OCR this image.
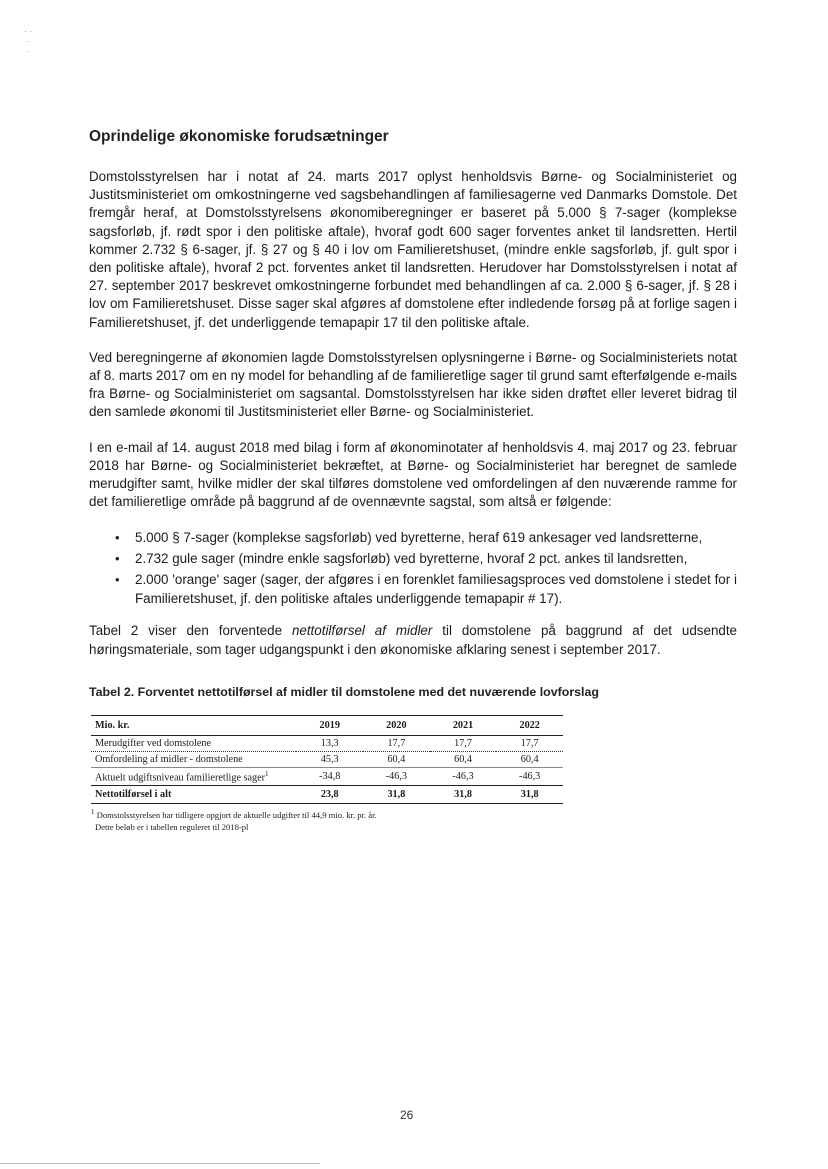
· ·
·
·
Oprindelige økonomiske forudsætninger

Domstolsstyrelsen har i notat af 24. marts 2017 oplyst henholdsvis Børne- og Socialministeriet og Justitsministeriet om omkostningerne ved sagsbehandlingen af familiesagerne ved Danmarks Domstole. Det fremgår heraf, at Domstolsstyrelsens økonomiberegninger er baseret på 5.000 § 7-sager (komplekse sagsforløb, jf. rødt spor i den politiske aftale), hvoraf godt 600 sager forventes anket til landsretten. Hertil kommer 2.732 § 6-sager, jf. § 27 og § 40 i lov om Familieretshuset, (mindre enkle sagsforløb, jf. gult spor i den politiske aftale), hvoraf 2 pct. forventes anket til landsretten. Herudover har Domstolsstyrelsen i notat af 27. september 2017 beskrevet omkostningerne forbundet med behandlingen af ca. 2.000 § 6-sager, jf. § 28 i lov om Familieretshuset. Disse sager skal afgøres af domstolene efter indledende forsøg på at forlige sagen i Familieretshuset, jf. det underliggende temapapir 17 til den politiske aftale.

Ved beregningerne af økonomien lagde Domstolsstyrelsen oplysningerne i Børne- og Socialministeriets notat af 8. marts 2017 om en ny model for behandling af de familieretlige sager til grund samt efterfølgende e-mails fra Børne- og Socialministeriet om sagsantal. Domstolsstyrelsen har ikke siden drøftet eller leveret bidrag til den samlede økonomi til Justitsministeriet eller Børne- og Socialministeriet.

I en e-mail af 14. august 2018 med bilag i form af økonominotater af henholdsvis 4. maj 2017 og 23. februar 2018 har Børne- og Socialministeriet bekræftet, at Børne- og Socialministeriet har beregnet de samlede merudgifter samt, hvilke midler der skal tilføres domstolene ved omfordelingen af den nuværende ramme for det familieretlige område på baggrund af de ovennævnte sagstal, som altså er følgende:

• 5.000 § 7-sager (komplekse sagsforløb) ved byretterne, heraf 619 ankesager ved landsretterne,
• 2.732 gule sager (mindre enkle sagsforløb) ved byretterne, hvoraf 2 pct. ankes til landsretten,
• 2.000 'orange' sager (sager, der afgøres i en forenklet familiesagsproces ved domstolene i stedet for i Familieretshuset, jf. den politiske aftales underliggende temapapir # 17).

Tabel 2 viser den forventede nettotilførsel af midler til domstolene på baggrund af det udsendte høringsmateriale, som tager udgangspunkt i den økonomiske afklaring senest i september 2017.

Tabel 2. Forventet nettotilførsel af midler til domstolene med det nuværende lovforslag
Mio. kr.	2019	2020	2021	2022
Merudgifter ved domstolene	13,3	17,7	17,7	17,7
Omfordeling af midler - domstolene	45,3	60,4	60,4	60,4
Aktuelt udgiftsniveau familieretlige sager$^1$	-34,8	-46,3	-46,3	-46,3
Nettotilførsel i alt	23,8	31,8	31,8	31,8
$^1$ Domstolsstyrelsen har tidligere opgjort de aktuelle udgifter til 44,9 mio. kr. pr. år.
Dette beløb er i tabellen reguleret til 2018-pl
26
